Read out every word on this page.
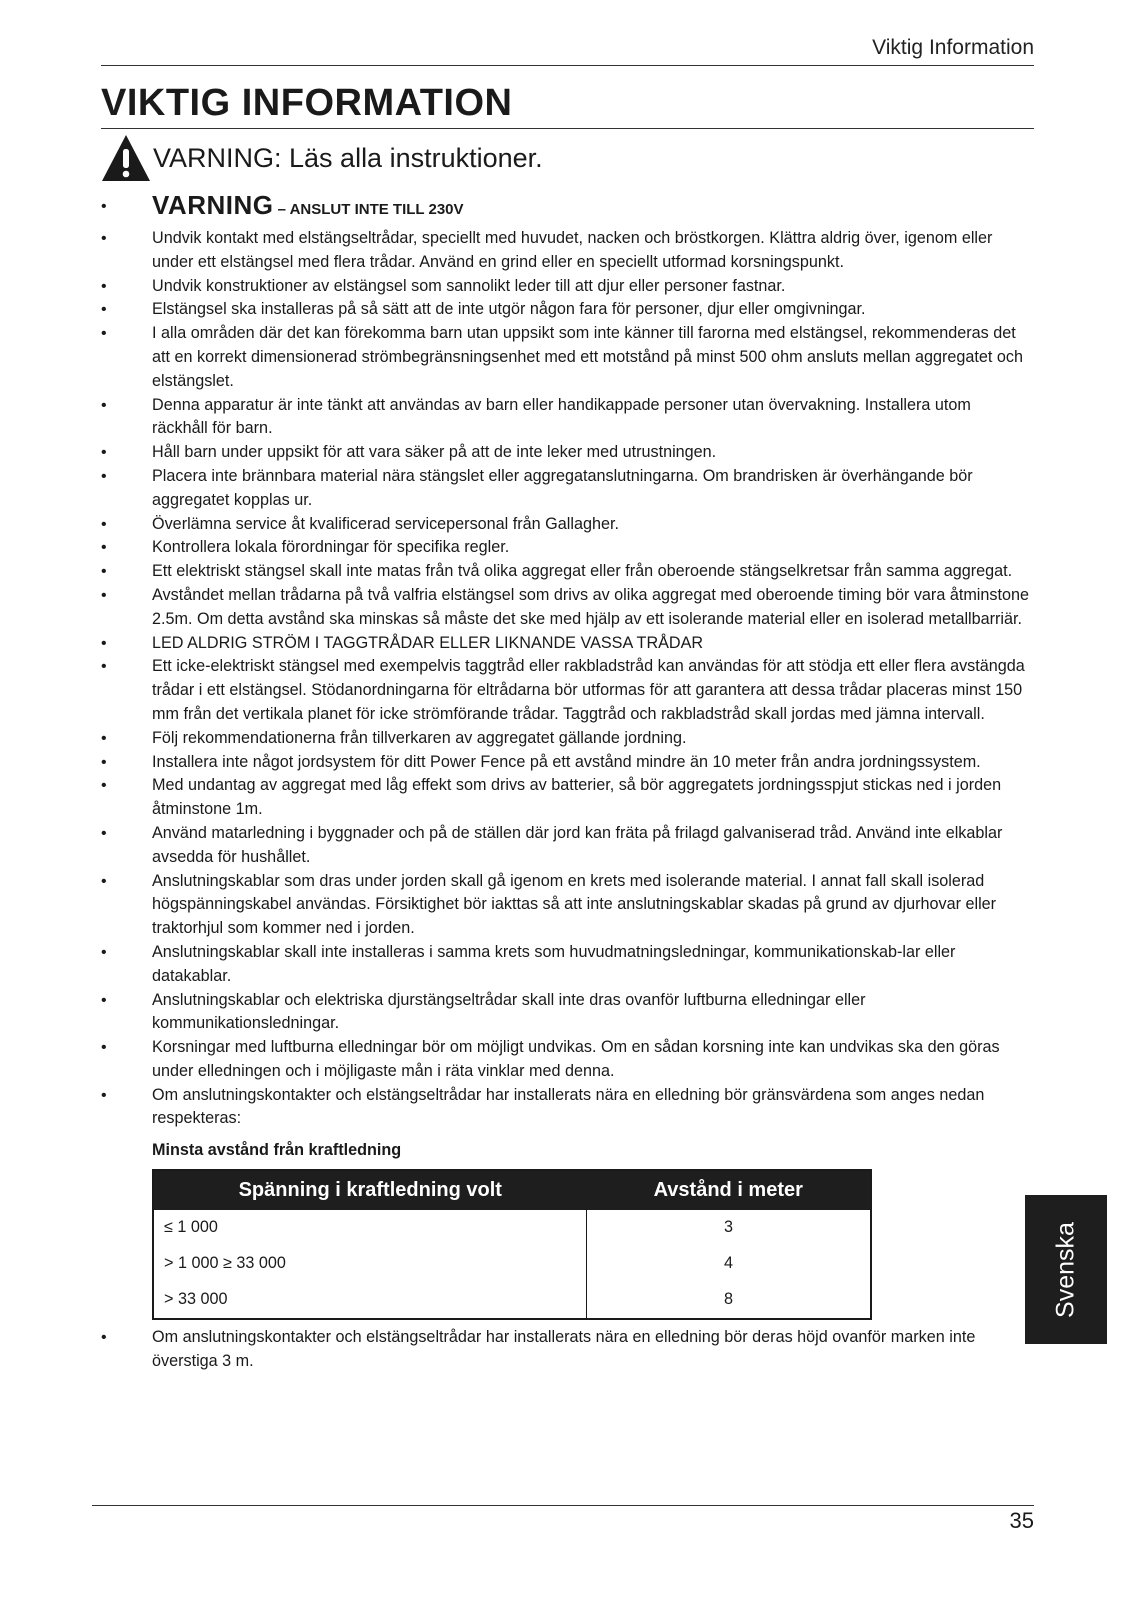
Viktig Information
VIKTIG INFORMATION
VARNING: Läs alla instruktioner.
• VARNING – ANSLUT INTE TILL 230V
•	Undvik kontakt med elstängseltrådar, speciellt med huvudet, nacken och bröstkorgen. Klättra aldrig över, igenom eller under ett elstängsel med flera trådar. Använd en grind eller en speciellt utformad korsningspunkt.
•	Undvik konstruktioner av elstängsel som sannolikt leder till att djur eller personer fastnar.
•	Elstängsel ska installeras på så sätt att de inte utgör någon fara för personer, djur eller omgivningar.
•	I alla områden där det kan förekomma barn utan uppsikt som inte känner till farorna med elstängsel, rekommenderas det att en korrekt dimensionerad strömbegränsningsenhet med ett motstånd på minst 500 ohm ansluts mellan aggregatet och elstängslet.
•	Denna apparatur är inte tänkt att användas av barn eller handikappade personer utan övervakning. Installera utom räckhåll för barn.
•	Håll barn under uppsikt för att vara säker på att de inte leker med utrustningen.
•	Placera inte brännbara material nära stängslet eller aggregatanslutningarna. Om brandrisken är överhängande bör aggregatet kopplas ur.
•	Överlämna service åt kvalificerad servicepersonal från Gallagher.
•	Kontrollera lokala förordningar för specifika regler.
•	Ett elektriskt stängsel skall inte matas från två olika aggregat eller från oberoende stängselkretsar från samma aggregat.
•	Avståndet mellan trådarna på två valfria elstängsel som drivs av olika aggregat med oberoende timing bör vara åtminstone 2.5m. Om detta avstånd ska minskas så måste det ske med hjälp av ett isolerande material eller en isolerad metallbarriär.
•	LED ALDRIG STRÖM I TAGGTRÅDAR ELLER LIKNANDE VASSA TRÅDAR
•	Ett icke-elektriskt stängsel med exempelvis taggtråd eller rakbladstråd kan användas för att stödja ett eller flera avstängda trådar i ett elstängsel. Stödanordningarna för eltrådarna bör utformas för att garantera att dessa trådar placeras minst 150 mm från det vertikala planet för icke strömförande trådar. Taggtråd och rakbladstråd skall jordas med jämna intervall.
•	Följ rekommendationerna från tillverkaren av aggregatet gällande jordning.
•	Installera inte något jordsystem för ditt Power Fence på ett avstånd mindre än 10 meter från andra jordningssystem.
•	Med undantag av aggregat med låg effekt som drivs av batterier, så bör aggregatets jordningsspjut stickas ned i jorden åtminstone 1m.
•	Använd matarledning i byggnader och på de ställen där jord kan fräta på frilagd galvaniserad tråd. Använd inte elkablar avsedda för hushållet.
•	Anslutningskablar som dras under jorden skall gå igenom en krets med isolerande material. I annat fall skall isolerad högspänningskabel användas. Försiktighet bör iakttas så att inte anslutningskablar skadas på grund av djurhovar eller traktorhjul som kommer ned i jorden.
•	Anslutningskablar skall inte installeras i samma krets som huvudmatningsledningar, kommunikationskab-lar eller datakablar.
•	Anslutningskablar och elektriska djurstängseltrådar skall inte dras ovanför luftburna elledningar eller kommunikationsledningar.
•	Korsningar med luftburna elledningar bör om möjligt undvikas. Om en sådan korsning inte kan undvikas ska den göras under elledningen och i möjligaste mån i räta vinklar med denna.
•	Om anslutningskontakter och elstängseltrådar har installerats nära en elledning bör gränsvärdena som anges nedan respekteras:
Minsta avstånd från kraftledning
Spänning i kraftledning volt	Avstånd i meter
≤ 1 000	3
> 1 000 ≥ 33 000	4
> 33 000	8
•	Om anslutningskontakter och elstängseltrådar har installerats nära en elledning bör deras höjd ovanför marken inte överstiga 3 m.
35
Svenska
